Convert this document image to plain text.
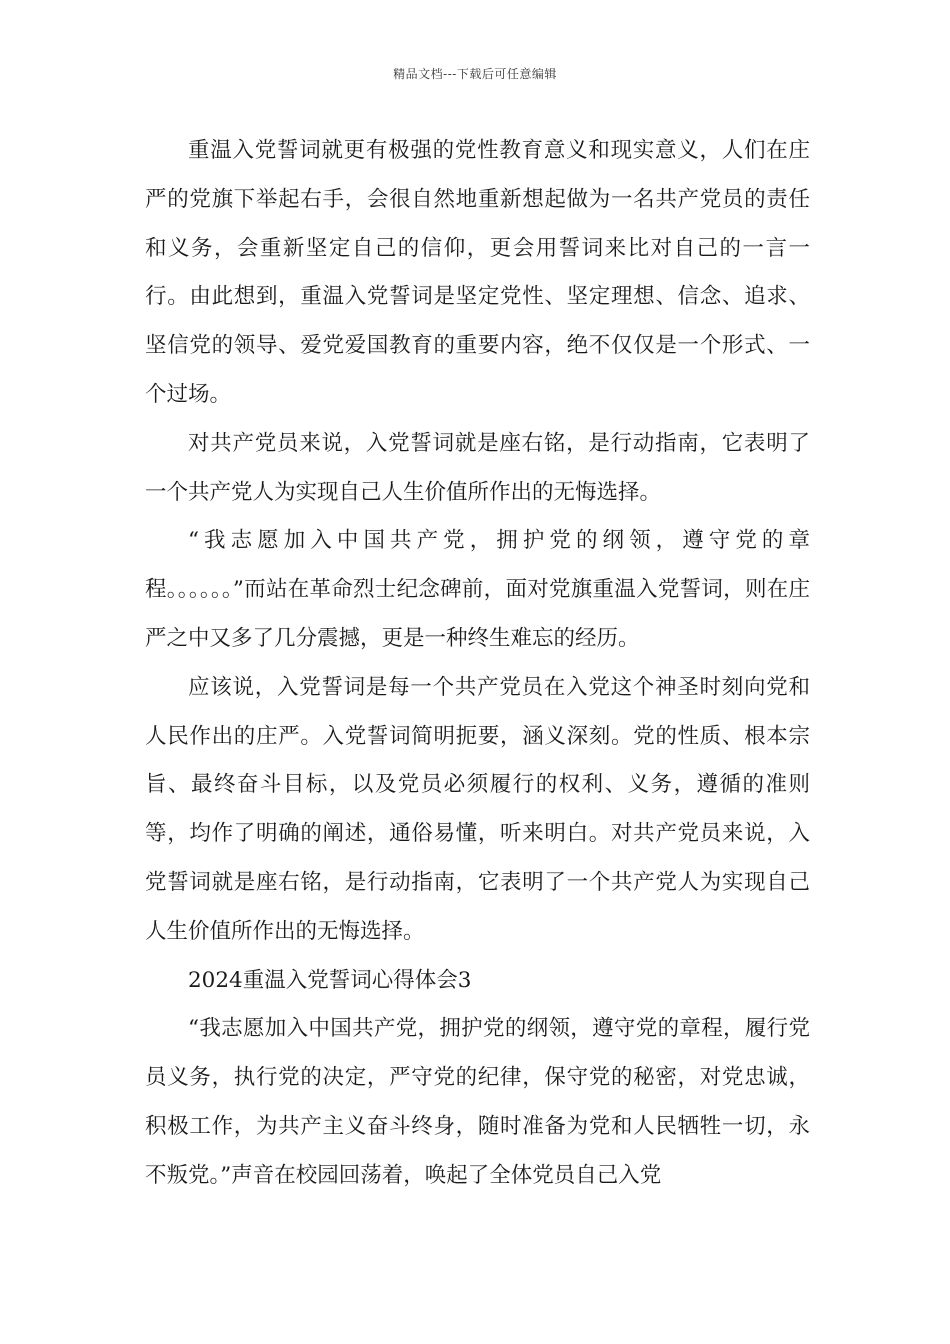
精品文档---下载后可任意编辑

重温入党誓词就更有极强的党性教育意义和现实意义，人们在庄严的党旗下举起右手，会很自然地重新想起做为一名共产党员的责任和义务，会重新坚定自己的信仰，更会用誓词来比对自己的一言一行。由此想到，重温入党誓词是坚定党性、坚定理想、信念、追求、坚信党的领导、爱党爱国教育的重要内容，绝不仅仅是一个形式、一个过场。

对共产党员来说，入党誓词就是座右铭，是行动指南，它表明了一个共产党人为实现自己人生价值所作出的无悔选择。

“我志愿加入中国共产党，拥护党的纲领，遵守党的章程。。。。。。”而站在革命烈士纪念碑前，面对党旗重温入党誓词，则在庄严之中又多了几分震撼，更是一种终生难忘的经历。

应该说，入党誓词是每一个共产党员在入党这个神圣时刻向党和人民作出的庄严。入党誓词简明扼要，涵义深刻。党的性质、根本宗旨、最终奋斗目标，以及党员必须履行的权利、义务，遵循的准则等，均作了明确的阐述，通俗易懂，听来明白。对共产党员来说，入党誓词就是座右铭，是行动指南，它表明了一个共产党人为实现自己人生价值所作出的无悔选择。

2024重温入党誓词心得体会3

“我志愿加入中国共产党，拥护党的纲领，遵守党的章程，履行党员义务，执行党的决定，严守党的纪律，保守党的秘密，对党忠诚，积极工作，为共产主义奋斗终身，随时准备为党和人民牺牲一切，永不叛党。”声音在校园回荡着，唤起了全体党员自己入党
